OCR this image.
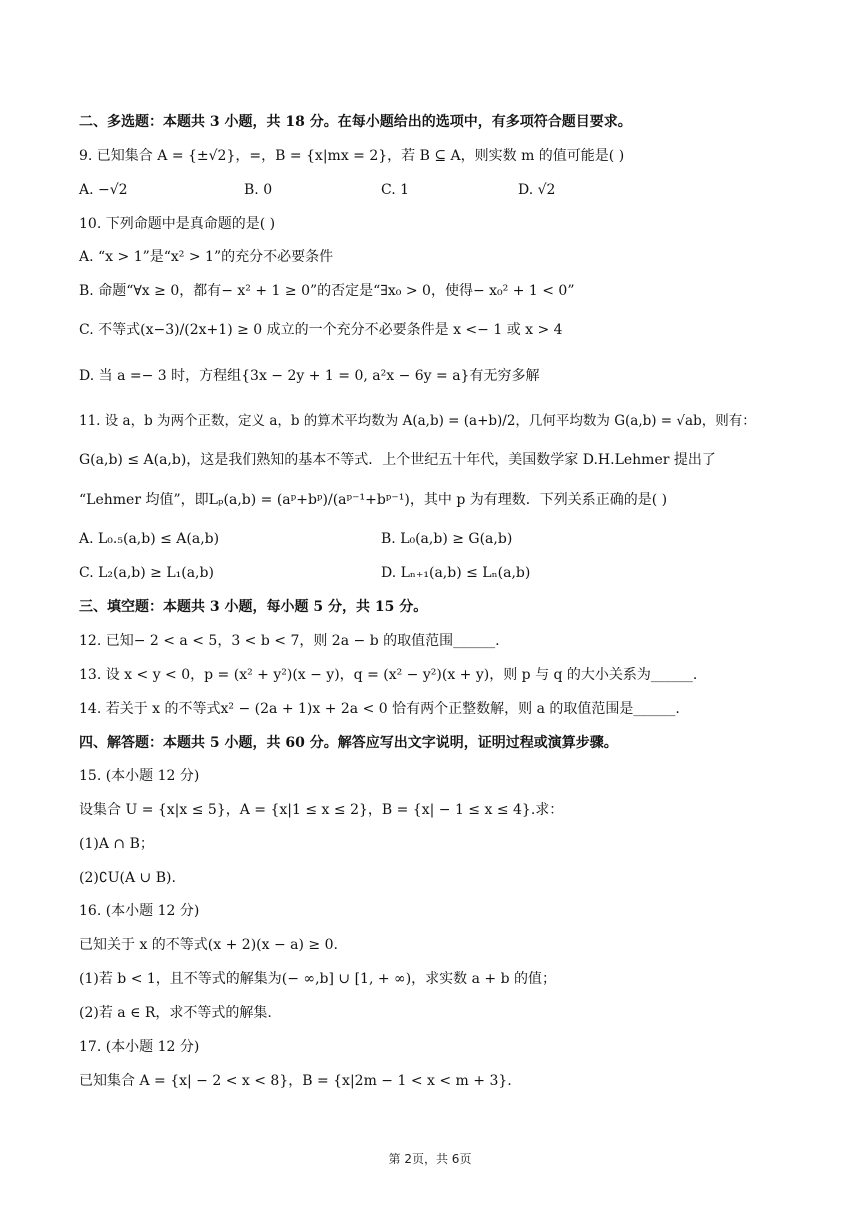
二、多选题：本题共 3 小题，共 18 分。在每小题给出的选项中，有多项符合题目要求。
9. 已知集合 A = {±√2}，=，B = {x|mx = 2}，若 B ⊆ A，则实数 m 的值可能是( )
A. −√2	B. 0	C. 1	D. √2
10. 下列命题中是真命题的是( )
A. “x > 1”是“x² > 1”的充分不必要条件
B. 命题“∀x ≥ 0，都有− x² + 1 ≥ 0”的否定是“∃x₀ > 0，使得− x₀² + 1 < 0”
C. 不等式(x−3)/(2x+1) ≥ 0 成立的一个充分不必要条件是 x <− 1 或 x > 4
D. 当 a =− 3 时，方程组{3x − 2y + 1 = 0, a²x − 6y = a}有无穷多解
11. 设 a，b 为两个正数，定义 a，b 的算术平均数为 A(a,b) = (a+b)/2，几何平均数为 G(a,b) = √ab，则有：
G(a,b) ≤ A(a,b)，这是我们熟知的基本不等式．上个世纪五十年代，美国数学家 D.H.Lehmer 提出了
“Lehmer 均值”，即Lₚ(a,b) = (aᵖ+bᵖ)/(aᵖ⁻¹+bᵖ⁻¹)，其中 p 为有理数．下列关系正确的是( )
A. L₀.₅(a,b) ≤ A(a,b)	B. L₀(a,b) ≥ G(a,b)
C. L₂(a,b) ≥ L₁(a,b)	D. Lₙ₊₁(a,b) ≤ Lₙ(a,b)
三、填空题：本题共 3 小题，每小题 5 分，共 15 分。
12. 已知− 2 < a < 5，3 < b < 7，则 2a − b 的取值范围______.
13. 设 x < y < 0，p = (x² + y²)(x − y)，q = (x² − y²)(x + y)，则 p 与 q 的大小关系为______.
14. 若关于 x 的不等式x² − (2a + 1)x + 2a < 0 恰有两个正整数解，则 a 的取值范围是______.
四、解答题：本题共 5 小题，共 60 分。解答应写出文字说明，证明过程或演算步骤。
15. (本小题 12 分)
设集合 U = {x|x ≤ 5}，A = {x|1 ≤ x ≤ 2}，B = {x| − 1 ≤ x ≤ 4}.求：
(1)A ∩ B；
(2)∁U(A ∪ B).
16. (本小题 12 分)
已知关于 x 的不等式(x + 2)(x − a) ≥ 0.
(1)若 b < 1，且不等式的解集为(− ∞,b] ∪ [1, + ∞)，求实数 a + b 的值；
(2)若 a ∈ R，求不等式的解集.
17. (本小题 12 分)
已知集合 A = {x| − 2 < x < 8}，B = {x|2m − 1 < x < m + 3}.
第 2页，共 6页
